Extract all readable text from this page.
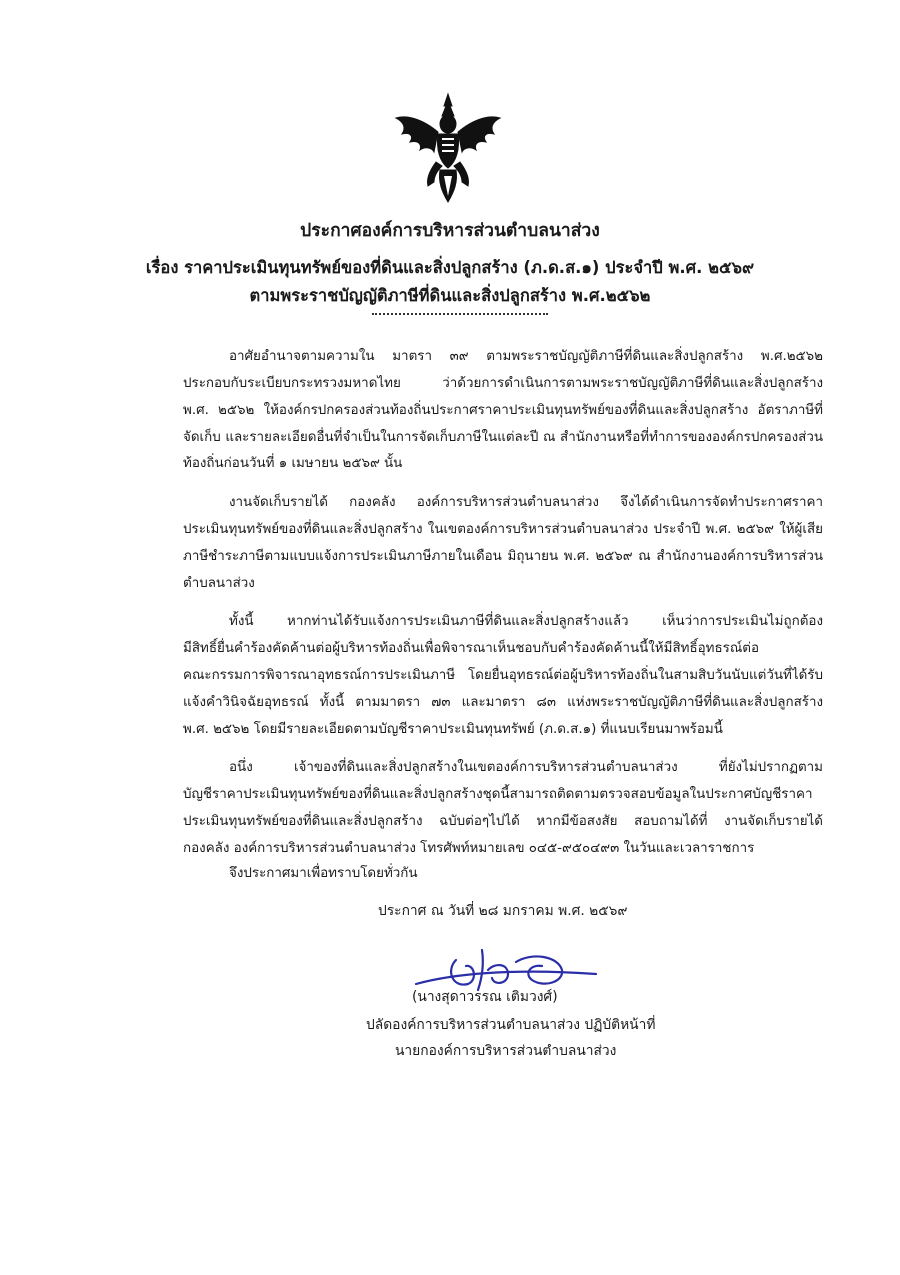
ประกาศองค์การบริหารส่วนตำบลนาส่วง
เรื่อง ราคาประเมินทุนทรัพย์ของที่ดินและสิ่งปลูกสร้าง (ภ.ด.ส.๑) ประจำปี พ.ศ. ๒๕๖๙
ตามพระราชบัญญัติภาษีที่ดินและสิ่งปลูกสร้าง พ.ศ.๒๕๖๒
อาศัยอำนาจตามความใน มาตรา ๓๙ ตามพระราชบัญญัติภาษีที่ดินและสิ่งปลูกสร้าง พ.ศ.๒๕๖๒
ประกอบกับระเบียบกระทรวงมหาดไทย ว่าด้วยการดำเนินการตามพระราชบัญญัติภาษีที่ดินและสิ่งปลูกสร้าง
พ.ศ. ๒๕๖๒ ให้องค์กรปกครองส่วนท้องถิ่นประกาศราคาประเมินทุนทรัพย์ของที่ดินและสิ่งปลูกสร้าง อัตราภาษีที่
จัดเก็บ และรายละเอียดอื่นที่จำเป็นในการจัดเก็บภาษีในแต่ละปี ณ สำนักงานหรือที่ทำการขององค์กรปกครองส่วน
ท้องถิ่นก่อนวันที่ ๑ เมษายน ๒๕๖๙ นั้น
งานจัดเก็บรายได้ กองคลัง องค์การบริหารส่วนตำบลนาส่วง จึงได้ดำเนินการจัดทำประกาศราคา
ประเมินทุนทรัพย์ของที่ดินและสิ่งปลูกสร้าง ในเขตองค์การบริหารส่วนตำบลนาส่วง ประจำปี พ.ศ. ๒๕๖๙ ให้ผู้เสีย
ภาษีชำระภาษีตามแบบแจ้งการประเมินภาษีภายในเดือน มิถุนายน พ.ศ. ๒๕๖๙ ณ สำนักงานองค์การบริหารส่วน
ตำบลนาส่วง
ทั้งนี้ หากท่านได้รับแจ้งการประเมินภาษีที่ดินและสิ่งปลูกสร้างแล้ว เห็นว่าการประเมินไม่ถูกต้อง
มีสิทธิ์ยื่นคำร้องคัดค้านต่อผู้บริหารท้องถิ่นเพื่อพิจารณาเห็นชอบกับคำร้องคัดค้านนี้ให้มีสิทธิ์อุทธรณ์ต่อ
คณะกรรมการพิจารณาอุทธรณ์การประเมินภาษี โดยยื่นอุทธรณ์ต่อผู้บริหารท้องถิ่นในสามสิบวันนับแต่วันที่ได้รับ
แจ้งคำวินิจฉัยอุทธรณ์ ทั้งนี้ ตามมาตรา ๗๓ และมาตรา ๘๓ แห่งพระราชบัญญัติภาษีที่ดินและสิ่งปลูกสร้าง
พ.ศ. ๒๕๖๒ โดยมีรายละเอียดตามบัญชีราคาประเมินทุนทรัพย์ (ภ.ด.ส.๑) ที่แนบเรียนมาพร้อมนี้
อนึ่ง เจ้าของที่ดินและสิ่งปลูกสร้างในเขตองค์การบริหารส่วนตำบลนาส่วง ที่ยังไม่ปรากฏตาม
บัญชีราคาประเมินทุนทรัพย์ของที่ดินและสิ่งปลูกสร้างชุดนี้สามารถติดตามตรวจสอบข้อมูลในประกาศบัญชีราคา
ประเมินทุนทรัพย์ของที่ดินและสิ่งปลูกสร้าง ฉบับต่อๆไปได้ หากมีข้อสงสัย สอบถามได้ที่ งานจัดเก็บรายได้
กองคลัง องค์การบริหารส่วนตำบลนาส่วง โทรศัพท์หมายเลข ๐๔๕-๙๕๐๔๙๓ ในวันและเวลาราชการ
จึงประกาศมาเพื่อทราบโดยทั่วกัน
ประกาศ ณ วันที่ ๒๘ มกราคม พ.ศ. ๒๕๖๙
(นางสุดาวรรณ เติมวงศ์)
ปลัดองค์การบริหารส่วนตำบลนาส่วง ปฏิบัติหน้าที่
นายกองค์การบริหารส่วนตำบลนาส่วง
